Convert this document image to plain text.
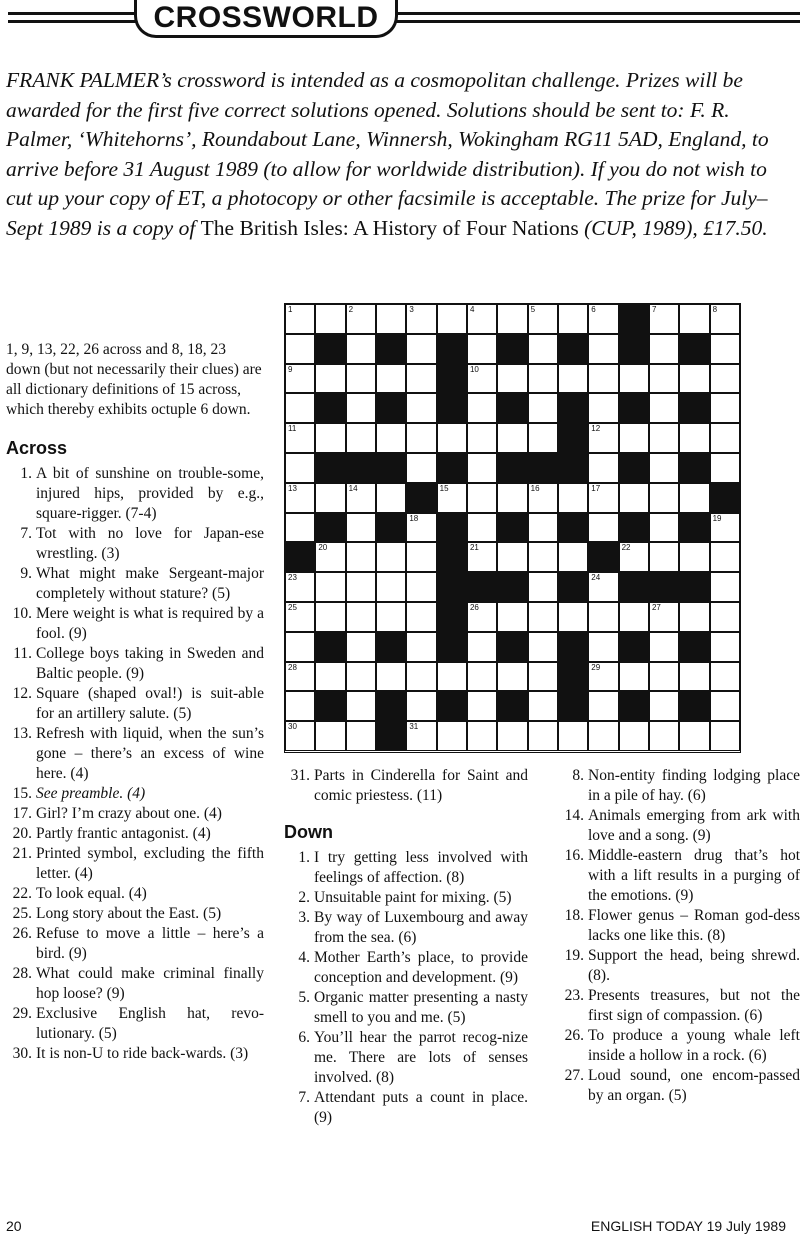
CROSSWORLD
FRANK PALMER’s crossword is intended as a cosmopolitan challenge. Prizes will be awarded for the first five correct solutions opened. Solutions should be sent to: F. R. Palmer, ‘Whitehorns’, Roundabout Lane, Winnersh, Wokingham RG11 5AD, England, to arrive before 31 August 1989 (to allow for worldwide distribution). If you do not wish to cut up your copy of ET, a photocopy or other facsimile is acceptable. The prize for July–Sept 1989 is a copy of The British Isles: A History of Four Nations (CUP, 1989), £17.50.

1, 9, 13, 22, 26 across and 8, 18, 23 down (but not necessarily their clues) are all dictionary definitions of 15 across, which thereby exhibits octuple 6 down.

Across
1. A bit of sunshine on trouble-some, injured hips, provided by e.g., square-rigger. (7-4)
7. Tot with no love for Japan-ese wrestling. (3)
9. What might make Sergeant-major completely without stature? (5)
10. Mere weight is what is required by a fool. (9)
11. College boys taking in Sweden and Baltic people. (9)
12. Square (shaped oval!) is suit-able for an artillery salute. (5)
13. Refresh with liquid, when the sun’s gone – there’s an excess of wine here. (4)
15. See preamble. (4)
17. Girl? I’m crazy about one. (4)
20. Partly frantic antagonist. (4)
21. Printed symbol, excluding the fifth letter. (4)
22. To look equal. (4)
25. Long story about the East. (5)
26. Refuse to move a little – here’s a bird. (9)
28. What could make criminal finally hop loose? (9)
29. Exclusive English hat, revo-lutionary. (5)
30. It is non-U to ride back-wards. (3)
1	2	3	4	5	6	7	8
9	10
11	12
13	14	15	16	17
18	19
20	21	22
23	24
25	26	27
28	29
30	31
31. Parts in Cinderella for Saint and comic priestess. (11)
Down
1. I try getting less involved with feelings of affection. (8)
2. Unsuitable paint for mixing. (5)
3. By way of Luxembourg and away from the sea. (6)
4. Mother Earth’s place, to provide conception and development. (9)
5. Organic matter presenting a nasty smell to you and me. (5)
6. You’ll hear the parrot recog-nize me. There are lots of senses involved. (8)
7. Attendant puts a count in place. (9)
8. Non-entity finding lodging place in a pile of hay. (6)
14. Animals emerging from ark with love and a song. (9)
16. Middle-eastern drug that’s hot with a lift results in a purging of the emotions. (9)
18. Flower genus – Roman god-dess lacks one like this. (8)
19. Support the head, being shrewd. (8).
23. Presents treasures, but not the first sign of compassion. (6)
26. To produce a young whale left inside a hollow in a rock. (6)
27. Loud sound, one encom-passed by an organ. (5)
20	ENGLISH TODAY 19 July 1989
